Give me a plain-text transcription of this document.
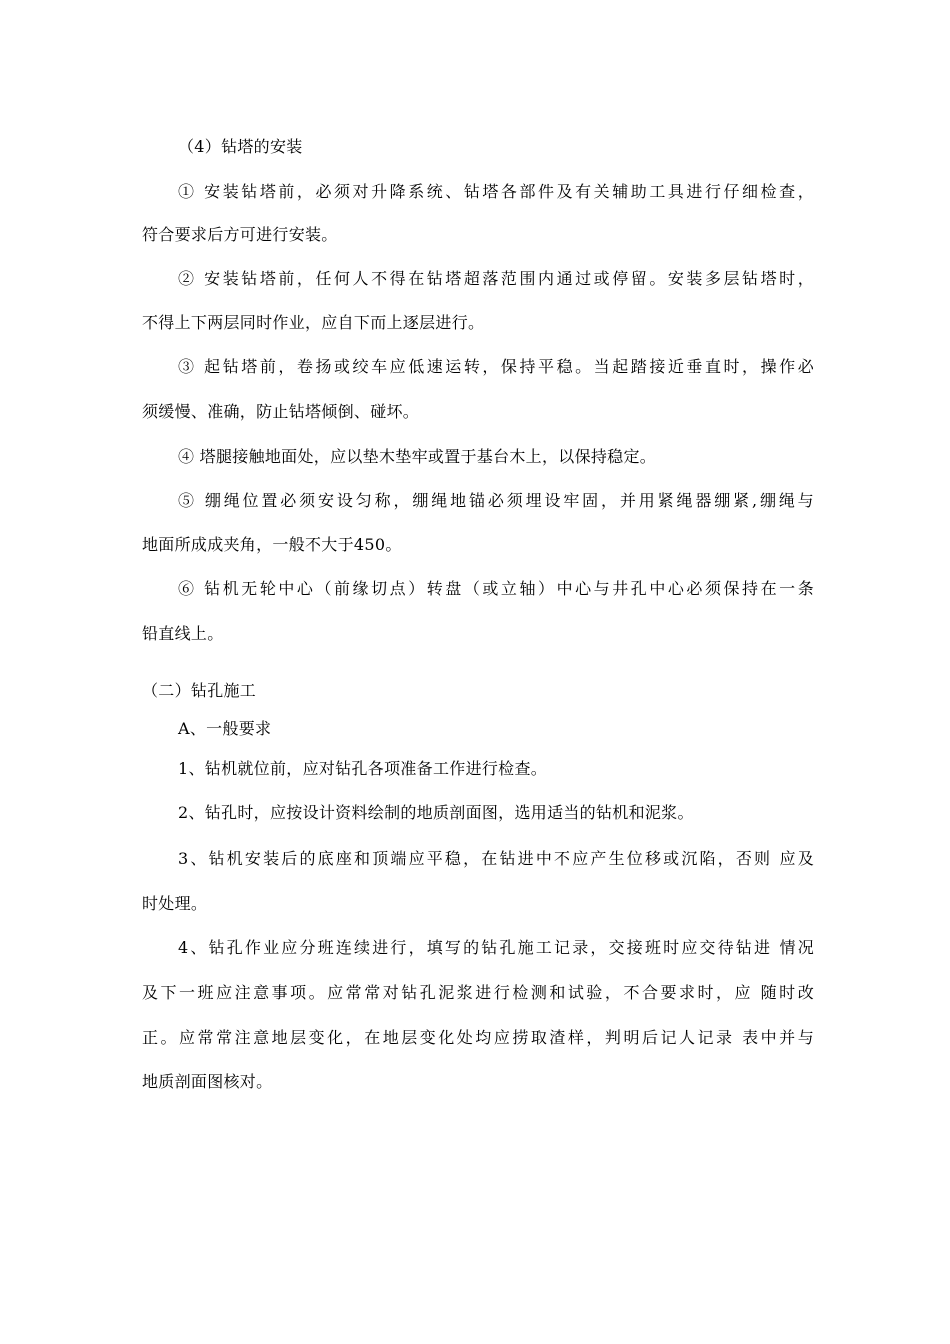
（4）钻塔的安装
① 安装钻塔前，必须对升降系统、钻塔各部件及有关辅助工具进行仔细检查，
符合要求后方可进行安装。
② 安装钻塔前，任何人不得在钻塔超落范围内通过或停留。安装多层钻塔时，
不得上下两层同时作业，应自下而上逐层进行。
③ 起钻塔前，卷扬或绞车应低速运转，保持平稳。当起踏接近垂直时，操作必
须缓慢、准确，防止钻塔倾倒、碰坏。
④ 塔腿接触地面处，应以垫木垫牢或置于基台木上，以保持稳定。
⑤ 绷绳位置必须安设匀称，绷绳地锚必须埋设牢固，并用紧绳器绷紧,绷绳与
地面所成成夹角，一般不大于450。
⑥ 钻机无轮中心（前缘切点）转盘（或立轴）中心与井孔中心必须保持在一条
铅直线上。
（二）钻孔施工
A、一般要求
1、钻机就位前，应对钻孔各项准备工作进行检查。
2、钻孔时，应按设计资料绘制的地质剖面图，选用适当的钻机和泥浆。
3、钻机安装后的底座和顶端应平稳，在钻进中不应产生位移或沉陷，否则 应及
时处理。
4、钻孔作业应分班连续进行，填写的钻孔施工记录，交接班时应交待钻进 情况
及下一班应注意事项。应常常对钻孔泥浆进行检测和试验，不合要求时，应 随时改
正。应常常注意地层变化，在地层变化处均应捞取渣样，判明后记人记录 表中并与
地质剖面图核对。
